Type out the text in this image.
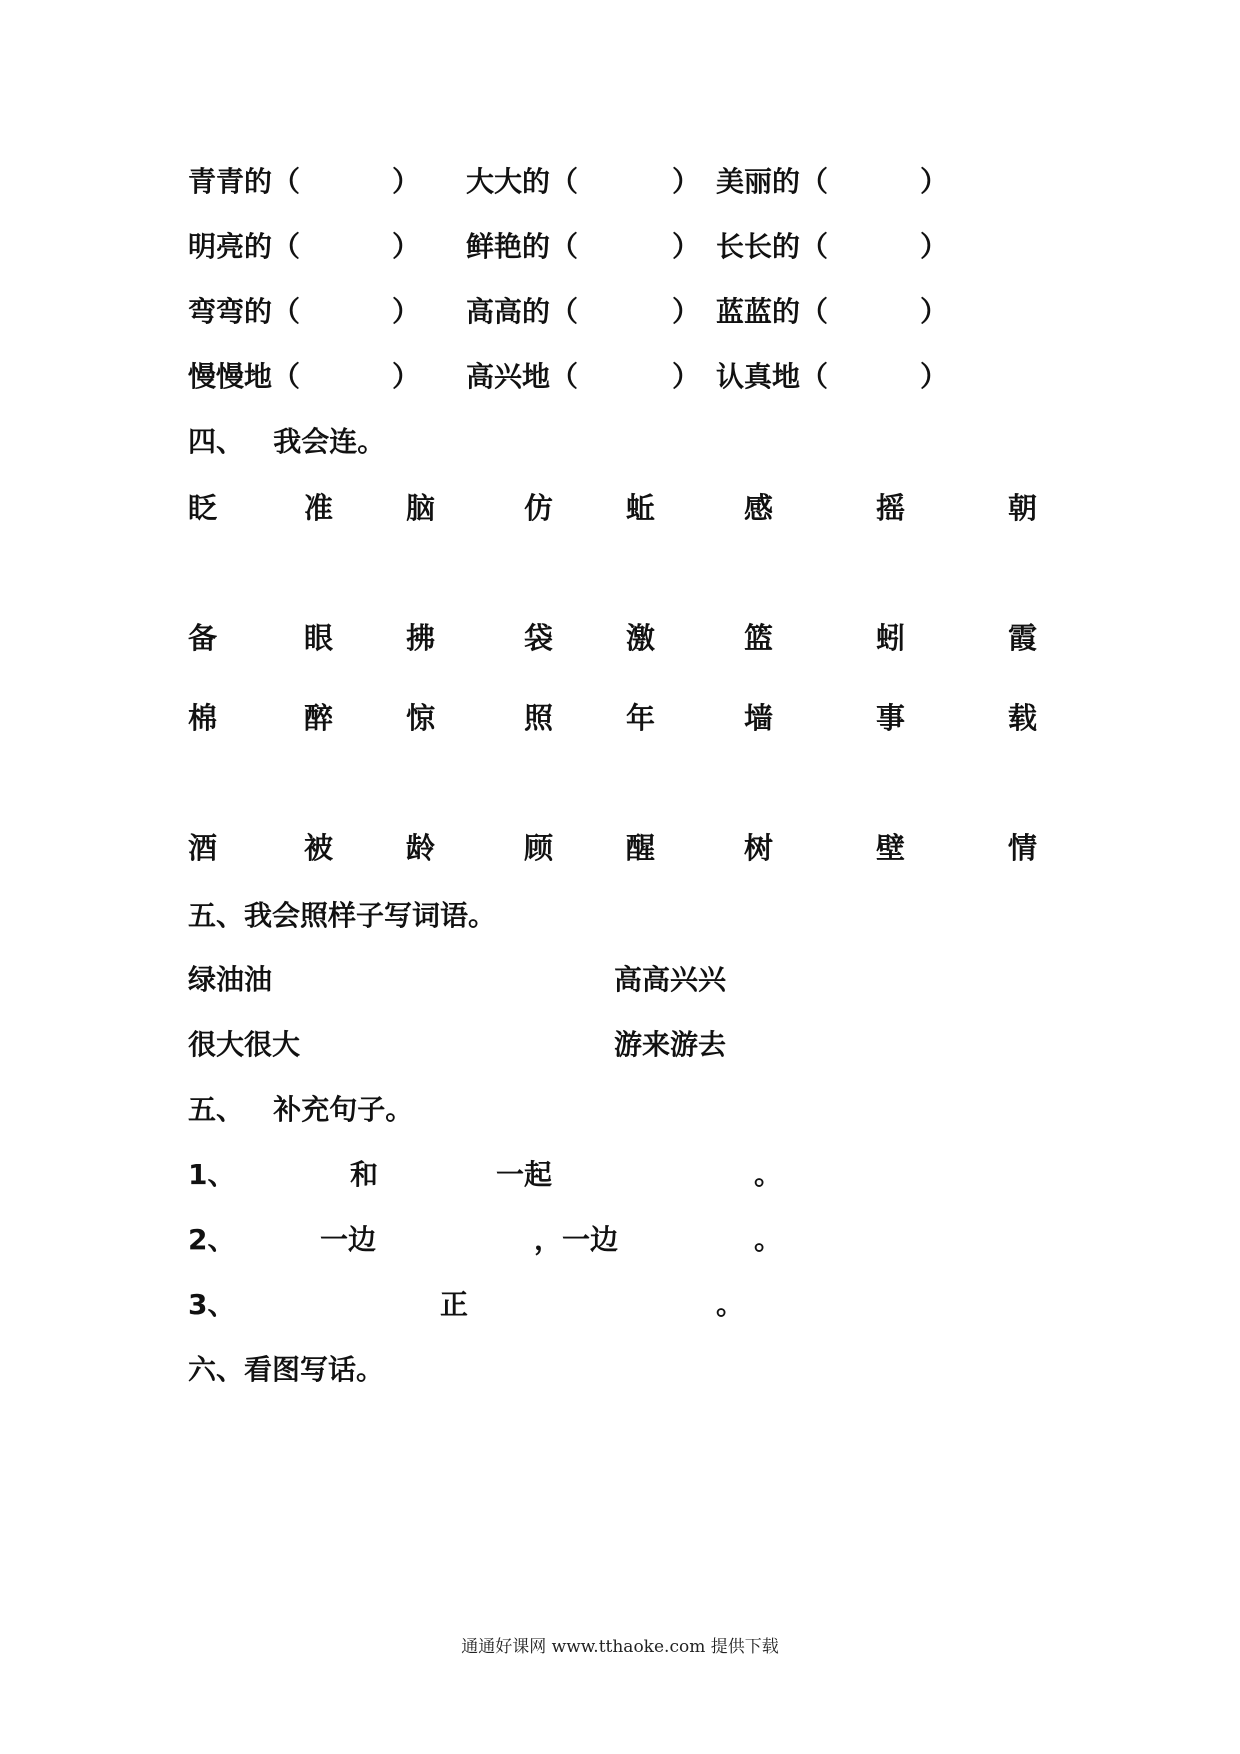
青青的（	） 大大的（	） 美丽的（	）
明亮的（	） 鲜艳的（	） 长长的（	）
弯弯的（	） 高高的（	） 蓝蓝的（	）
慢慢地（	） 高兴地（	） 认真地（	）
四、   我会连。
眨	准	脑	仿	蚯	感	摇	朝
备	眼	拂	袋	激	篮	蚓	霞
棉	醉	惊	照	年	墙	事	载
酒	被	龄	顾	醒	树	壁	情
五、我会照样子写词语。
绿油油	高高兴兴
很大很大	游来游去
五、   补充句子。
1、	和	一起	。
2、	一边	，一边	。
3、	正	。
六、看图写话。
通通好课网 www.tthaoke.com 提供下载
